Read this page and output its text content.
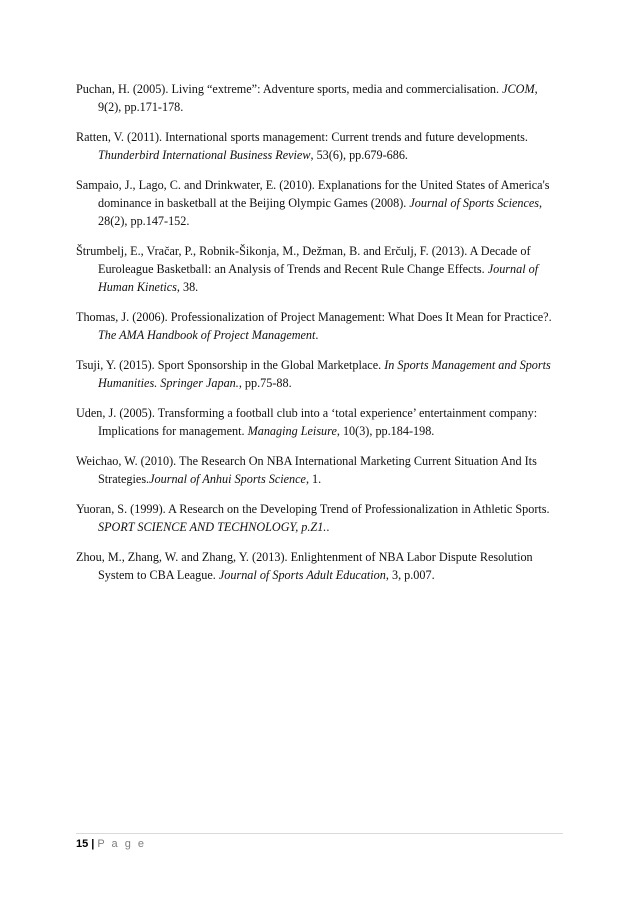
Puchan, H. (2005). Living “extreme”: Adventure sports, media and commercialisation. JCOM, 9(2), pp.171-178.

Ratten, V. (2011). International sports management: Current trends and future developments. Thunderbird International Business Review, 53(6), pp.679-686.

Sampaio, J., Lago, C. and Drinkwater, E. (2010). Explanations for the United States of America's dominance in basketball at the Beijing Olympic Games (2008). Journal of Sports Sciences, 28(2), pp.147-152.

Štrumbelj, E., Vračar, P., Robnik-Šikonja, M., Dežman, B. and Erčulj, F. (2013). A Decade of Euroleague Basketball: an Analysis of Trends and Recent Rule Change Effects. Journal of Human Kinetics, 38.

Thomas, J. (2006). Professionalization of Project Management: What Does It Mean for Practice?. The AMA Handbook of Project Management.

Tsuji, Y. (2015). Sport Sponsorship in the Global Marketplace. In Sports Management and Sports Humanities. Springer Japan., pp.75-88.

Uden, J. (2005). Transforming a football club into a ‘total experience’ entertainment company: Implications for management. Managing Leisure, 10(3), pp.184-198.

Weichao, W. (2010). The Research On NBA International Marketing Current Situation And Its Strategies.Journal of Anhui Sports Science, 1.

Yuoran, S. (1999). A Research on the Developing Trend of Professionalization in Athletic Sports. SPORT SCIENCE AND TECHNOLOGY, p.Z1..

Zhou, M., Zhang, W. and Zhang, Y. (2013). Enlightenment of NBA Labor Dispute Resolution System to CBA League. Journal of Sports Adult Education, 3, p.007.

15 | P a g e
